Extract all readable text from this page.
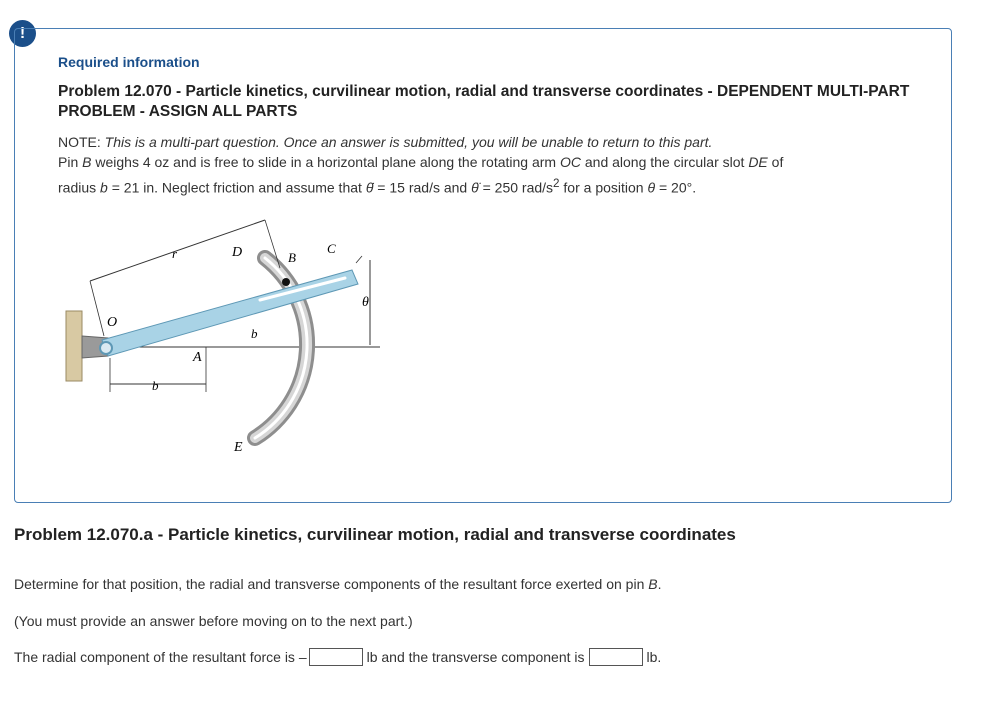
!
Required information
Problem 12.070 - Particle kinetics, curvilinear motion, radial and transverse coordinates - DEPENDENT MULTI-PART PROBLEM - ASSIGN ALL PARTS
NOTE: This is a multi-part question. Once an answer is submitted, you will be unable to return to this part.
Pin B weighs 4 oz and is free to slide in a horizontal plane along the rotating arm OC and along the circular slot DE of
radius b = 21 in. Neglect friction and assume that θ̇ = 15 rad/s and θ̈ = 250 rad/$s^2$ for a position θ = 20°.
r	D	B
C
θ
O
b
A
b
E
Problem 12.070.a - Particle kinetics, curvilinear motion, radial and transverse coordinates
Determine for that position, the radial and transverse components of the resultant force exerted on pin B.
(You must provide an answer before moving on to the next part.)
The radial component of the resultant force is –	lb and the transverse component is	lb.
